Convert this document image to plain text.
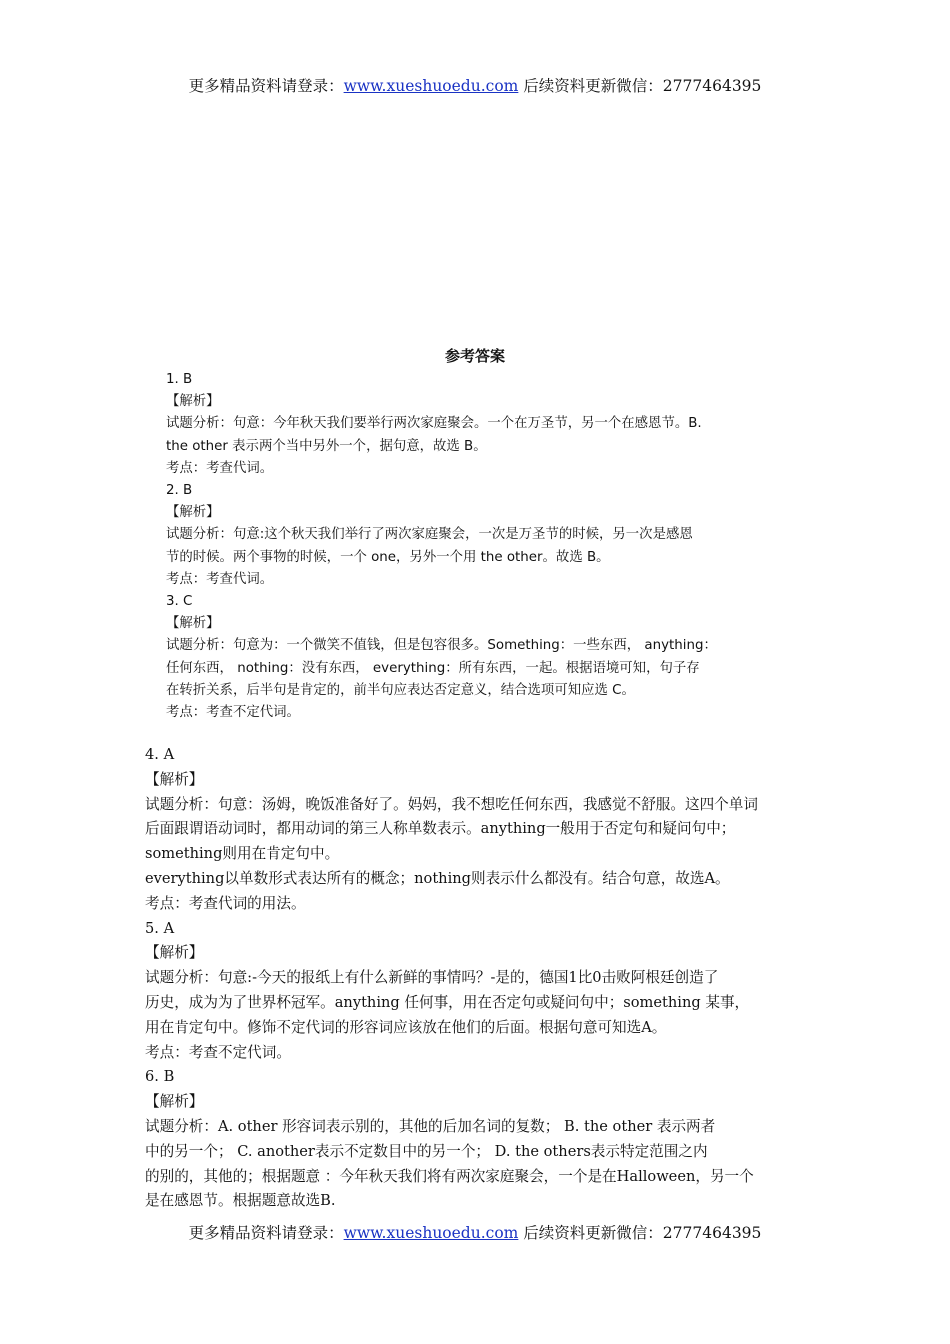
更多精品资料请登录：www.xueshuoedu.com 后续资料更新微信：2777464395
参考答案
1. B
【解析】
试题分析：句意：今年秋天我们要举行两次家庭聚会。一个在万圣节，另一个在感恩节。B.
the other 表示两个当中另外一个，据句意，故选 B。
考点：考查代词。
2. B
【解析】
试题分析：句意:这个秋天我们举行了两次家庭聚会，一次是万圣节的时候，另一次是感恩
节的时候。两个事物的时候，一个 one，另外一个用 the other。故选 B。
考点：考查代词。
3. C
【解析】
试题分析：句意为：一个微笑不值钱，但是包容很多。Something：一些东西， anything：
任何东西， nothing：没有东西， everything：所有东西，一起。根据语境可知，句子存
在转折关系，后半句是肯定的，前半句应表达否定意义，结合选项可知应选 C。
考点：考查不定代词。
4. A
【解析】
试题分析：句意：汤姆，晚饭准备好了。妈妈，我不想吃任何东西，我感觉不舒服。这四个单词
后面跟谓语动词时，都用动词的第三人称单数表示。anything一般用于否定句和疑问句中；
something则用在肯定句中。
everything以单数形式表达所有的概念；nothing则表示什么都没有。结合句意，故选A。
考点：考查代词的用法。
5. A
【解析】
试题分析：句意:-今天的报纸上有什么新鲜的事情吗？-是的，德国1比0击败阿根廷创造了
历史，成为为了世界杯冠军。anything 任何事，用在否定句或疑问句中；something 某事，
用在肯定句中。修饰不定代词的形容词应该放在他们的后面。根据句意可知选A。
考点：考查不定代词。
6. B
【解析】
试题分析：A. other 形容词表示别的，其他的后加名词的复数； B. the other 表示两者
中的另一个； C. another表示不定数目中的另一个； D. the others表示特定范围之内
的别的，其他的；根据题意 ：今年秋天我们将有两次家庭聚会，一个是在Halloween，另一个
是在感恩节。根据题意故选B.
更多精品资料请登录：www.xueshuoedu.com 后续资料更新微信：2777464395
